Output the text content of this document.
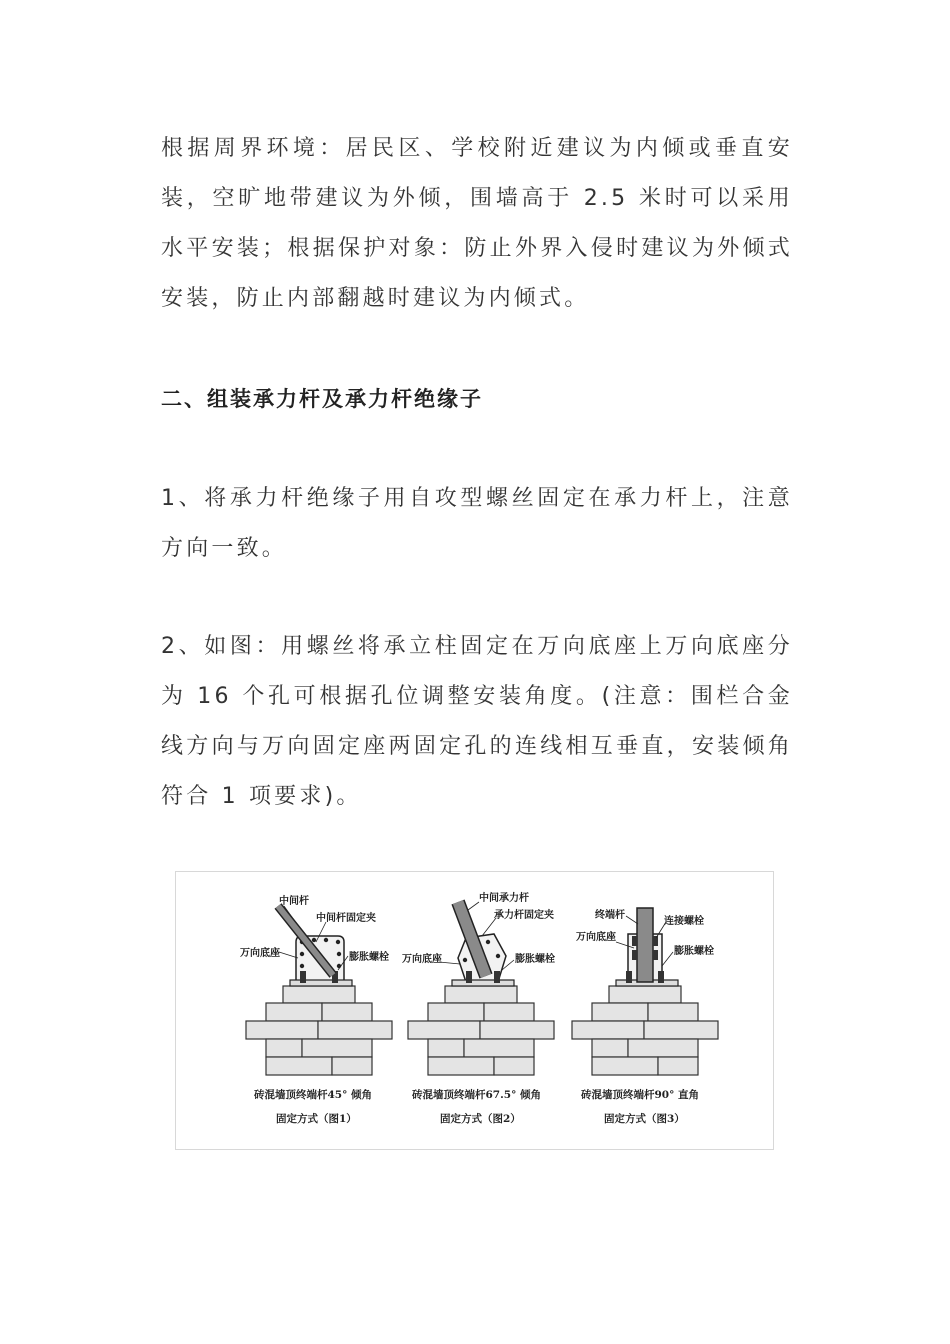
根据周界环境：居民区、学校附近建议为内倾或垂直安装，空旷地带建议为外倾，围墙高于 2.5 米时可以采用水平安装；根据保护对象：防止外界入侵时建议为外倾式安装，防止内部翻越时建议为内倾式。

二、组装承力杆及承力杆绝缘子

1、将承力杆绝缘子用自攻型螺丝固定在承力杆上，注意方向一致。

2、如图：用螺丝将承立柱固定在万向底座上万向底座分为 16 个孔可根据孔位调整安装角度。(注意：围栏合金线方向与万向固定座两固定孔的连线相互垂直，安装倾角符合 1 项要求)。

中间杆
中间杆固定夹
万向底座	膨胀螺栓
砖混墙顶终端杆45° 倾角
固定方式（图1）
中间承力杆
承力杆固定夹
万向底座	膨胀螺栓
砖混墙顶终端杆67.5° 倾角
固定方式（图2）
终端杆
连接螺栓
万向底座
膨胀螺栓
砖混墙顶终端杆90° 直角
固定方式（图3）
